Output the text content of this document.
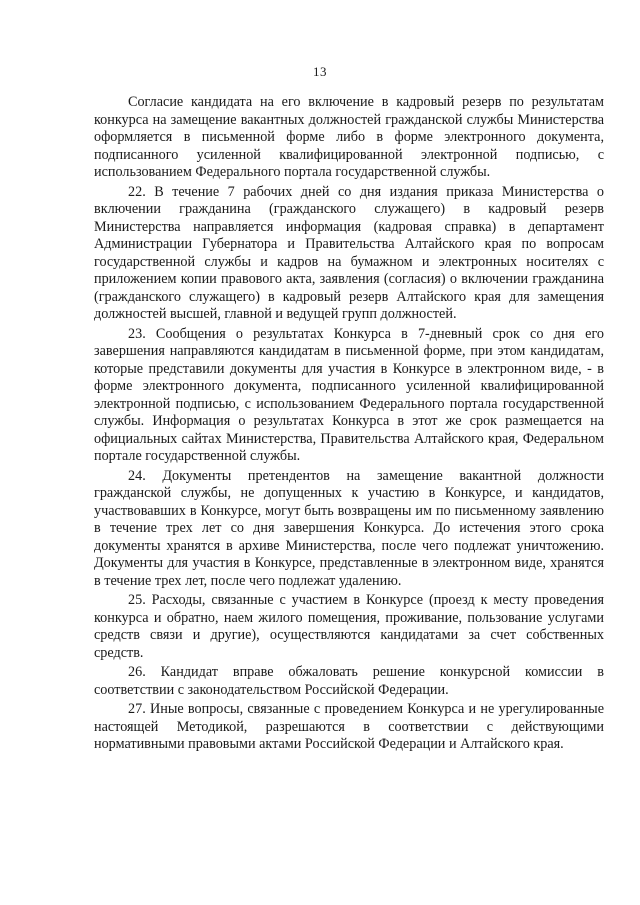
13

Согласие кандидата на его включение в кадровый резерв по результатам конкурса на замещение вакантных должностей гражданской службы Министерства оформляется в письменной форме либо в форме электронного документа, подписанного усиленной квалифицированной электронной подписью, с использованием Федерального портала государственной службы.

22. В течение 7 рабочих дней со дня издания приказа Министерства о включении гражданина (гражданского служащего) в кадровый резерв Министерства направляется информация (кадровая справка) в департамент Администрации Губернатора и Правительства Алтайского края по вопросам государственной службы и кадров на бумажном и электронных носителях с приложением копии правового акта, заявления (согласия) о включении гражданина (гражданского служащего) в кадровый резерв Алтайского края для замещения должностей высшей, главной и ведущей групп должностей.

23. Сообщения о результатах Конкурса в 7-дневный срок со дня его завершения направляются кандидатам в письменной форме, при этом кандидатам, которые представили документы для участия в Конкурсе в электронном виде, - в форме электронного документа, подписанного усиленной квалифицированной электронной подписью, с использованием Федерального портала государственной службы. Информация о результатах Конкурса в этот же срок размещается на официальных сайтах Министерства, Правительства Алтайского края, Федеральном портале государственной службы.

24. Документы претендентов на замещение вакантной должности гражданской службы, не допущенных к участию в Конкурсе, и кандидатов, участвовавших в Конкурсе, могут быть возвращены им по письменному заявлению в течение трех лет со дня завершения Конкурса. До истечения этого срока документы хранятся в архиве Министерства, после чего подлежат уничтожению. Документы для участия в Конкурсе, представленные в электронном виде, хранятся в течение трех лет, после чего подлежат удалению.

25. Расходы, связанные с участием в Конкурсе (проезд к месту проведения конкурса и обратно, наем жилого помещения, проживание, пользование услугами средств связи и другие), осуществляются кандидатами за счет собственных средств.

26. Кандидат вправе обжаловать решение конкурсной комиссии в соответствии с законодательством Российской Федерации.

27. Иные вопросы, связанные с проведением Конкурса и не урегулированные настоящей Методикой, разрешаются в соответствии с действующими нормативными правовыми актами Российской Федерации и Алтайского края.
